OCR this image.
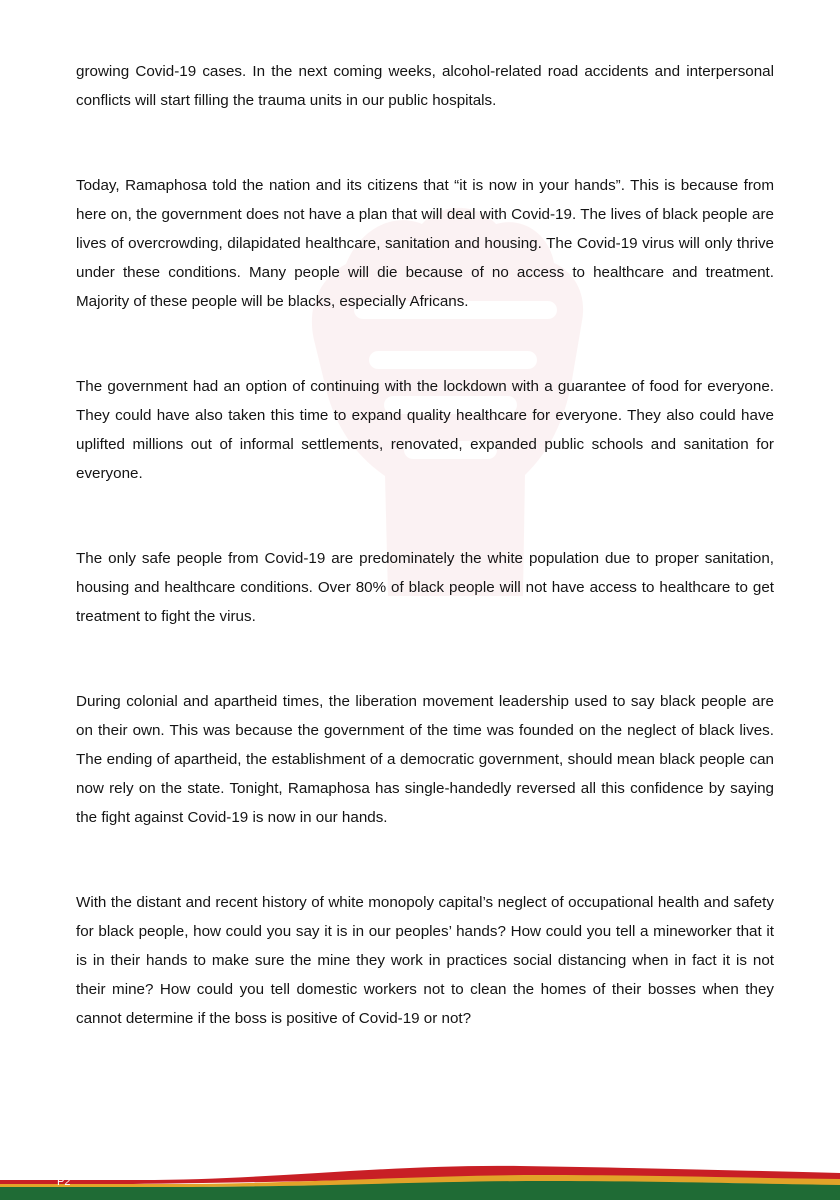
growing Covid-19 cases. In the next coming weeks, alcohol-related road accidents and interpersonal conflicts will start filling the trauma units in our public hospitals.

Today, Ramaphosa told the nation and its citizens that “it is now in your hands”. This is because from here on, the government does not have a plan that will deal with Covid-19. The lives of black people are lives of overcrowding, dilapidated healthcare, sanitation and housing. The Covid-19 virus will only thrive under these conditions. Many people will die because of no access to healthcare and treatment. Majority of these people will be blacks, especially Africans.

The government had an option of continuing with the lockdown with a guarantee of food for everyone. They could have also taken this time to expand quality healthcare for everyone. They also could have uplifted millions out of informal settlements, renovated, expanded public schools and sanitation for everyone.

The only safe people from Covid-19 are predominately the white population due to proper sanitation, housing and healthcare conditions. Over 80% of black people will not have access to healthcare to get treatment to fight the virus.

During colonial and apartheid times, the liberation movement leadership used to say black people are on their own. This was because the government of the time was founded on the neglect of black lives. The ending of apartheid, the establishment of a democratic government, should mean black people can now rely on the state. Tonight, Ramaphosa has single-handedly reversed all this confidence by saying the fight against Covid-19 is now in our hands.

With the distant and recent history of white monopoly capital’s neglect of occupational health and safety for black people, how could you say it is in our peoples’ hands? How could you tell a mineworker that it is in their hands to make sure the mine they work in practices social distancing when in fact it is not their mine? How could you tell domestic workers not to clean the homes of their bosses when they cannot determine if the boss is positive of Covid-19 or not?

P2
